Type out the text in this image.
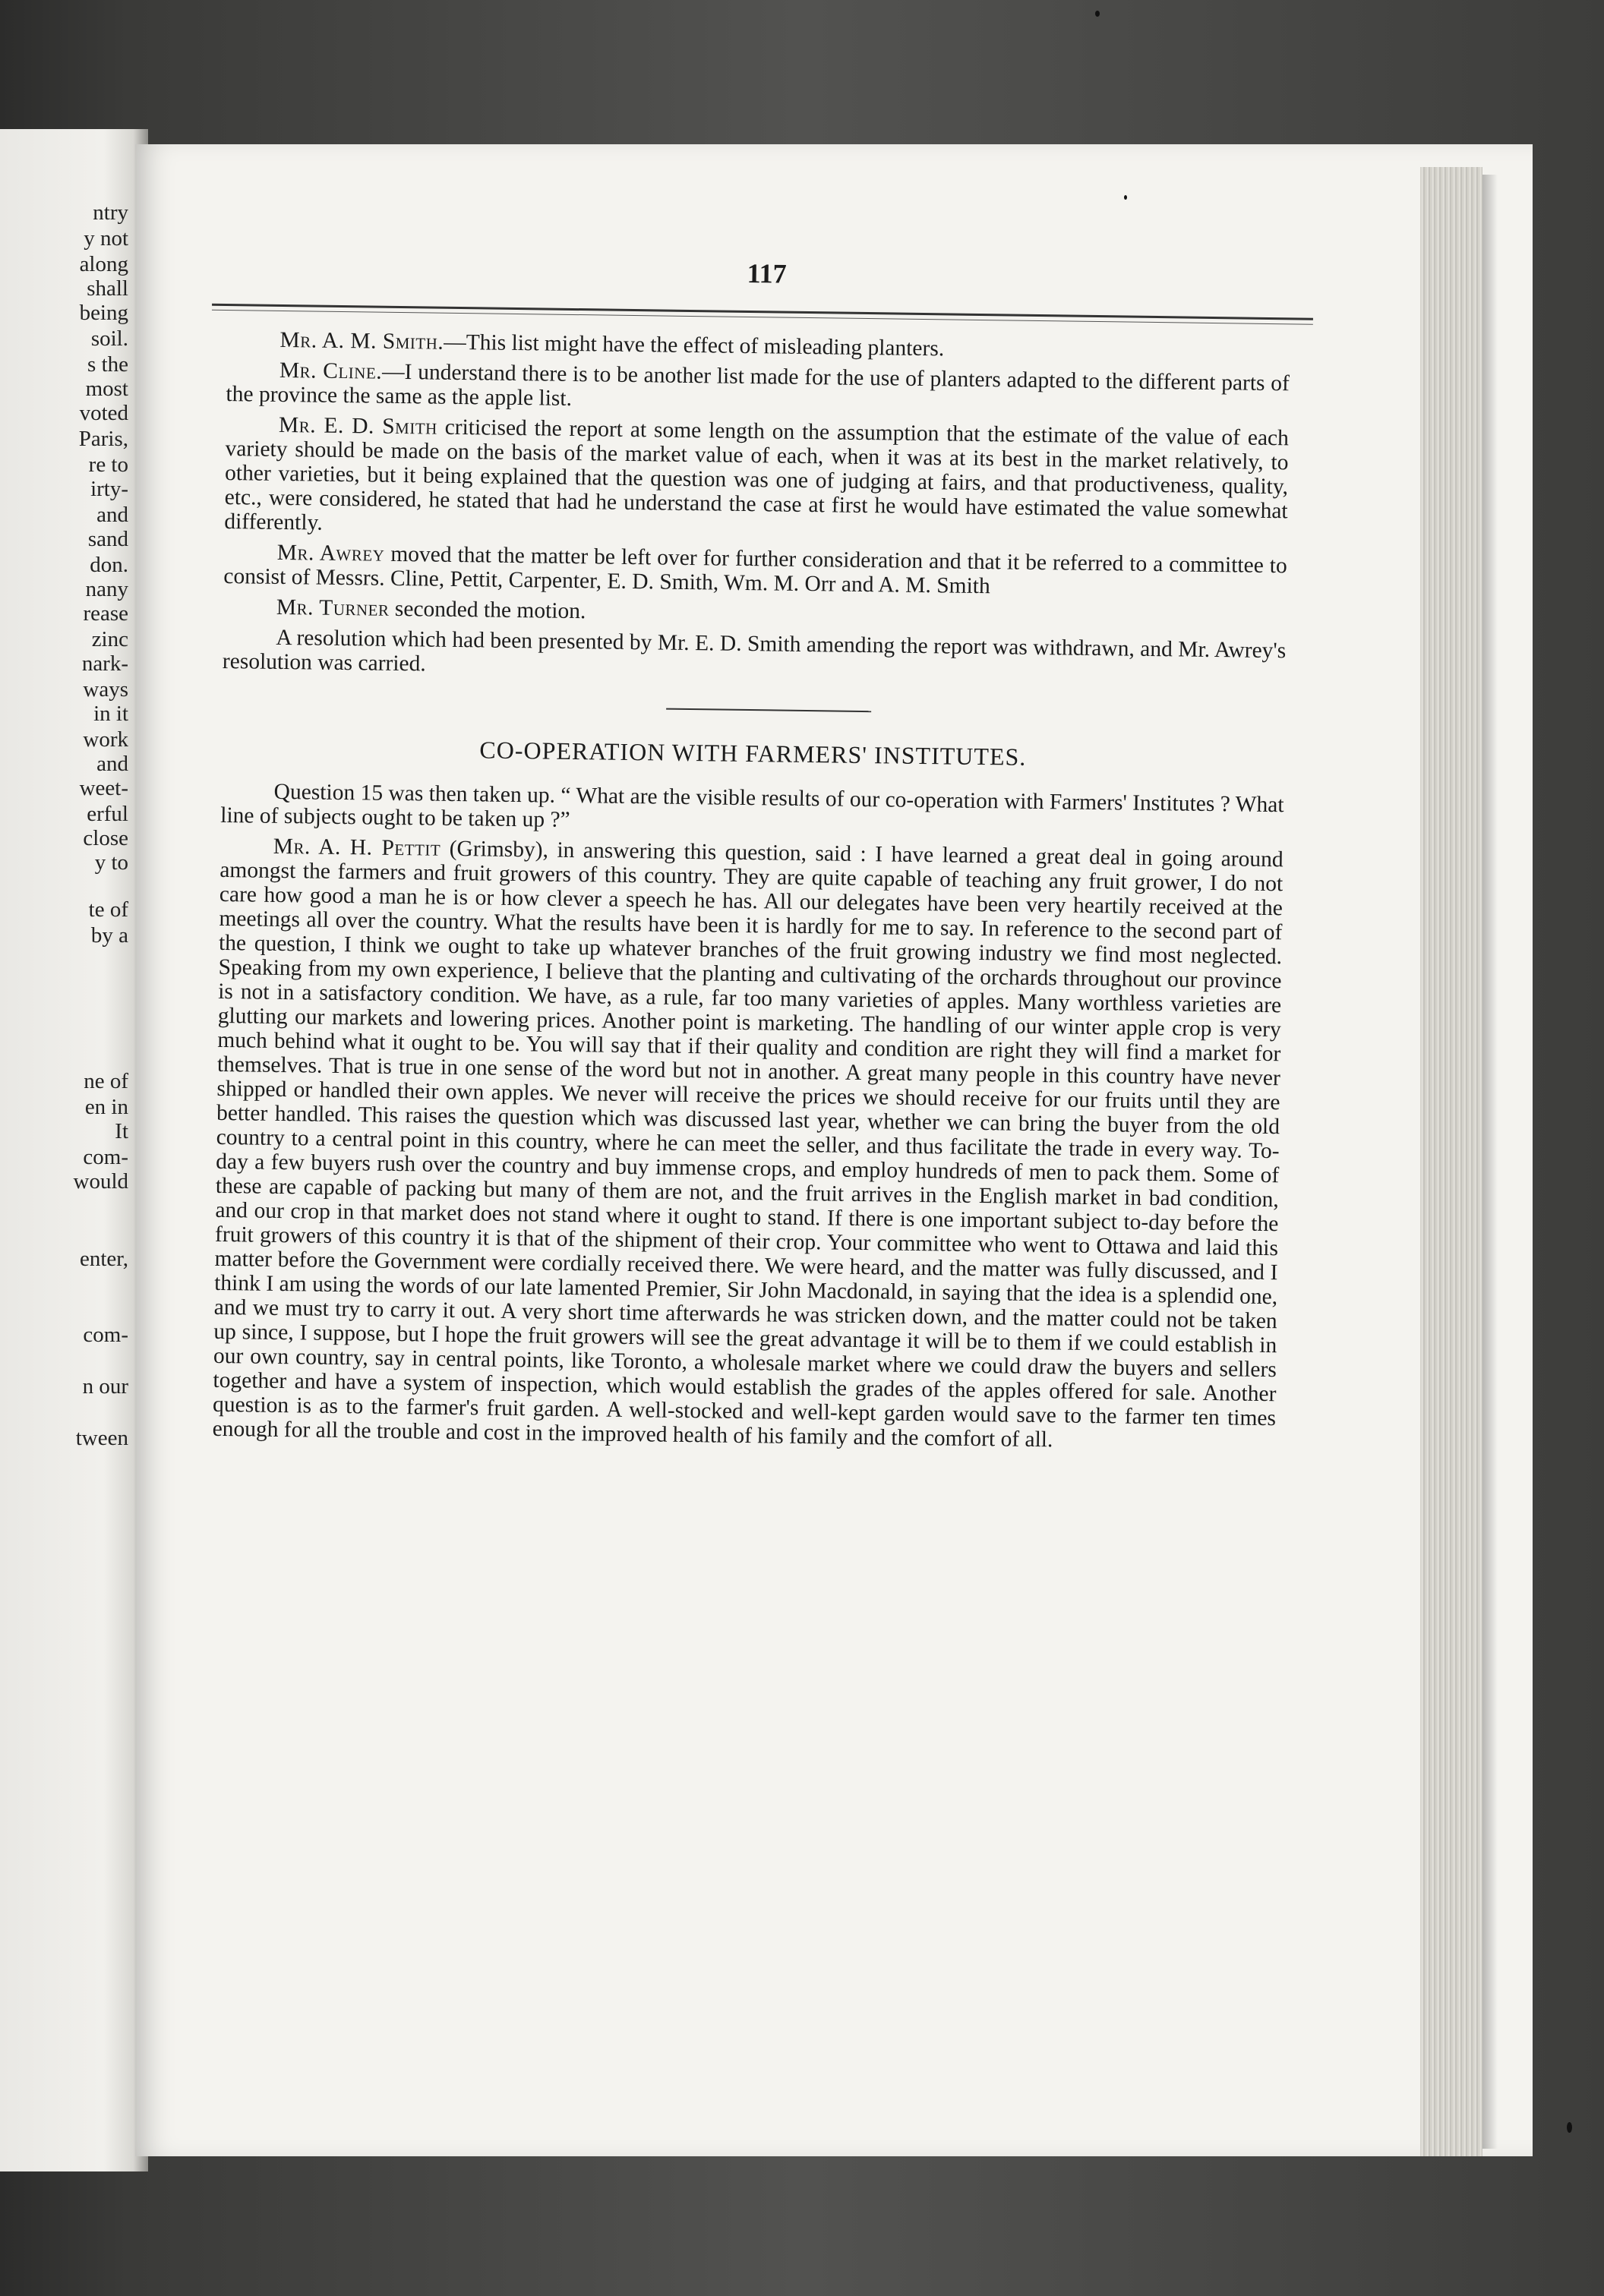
ntry
y not
along
shall
being
soil.
s the
most
voted
Paris,
re to
irty-
and
sand
don.
nany
rease
zinc
nark-
ways
in it
work
and
weet-
erful
close
y to
te of
by a
ne of
en in
It
com-
would
enter,
com-
n our
tween
117

Mr. A. M. Smith.—This list might have the effect of misleading planters.

Mr. Cline.—I understand there is to be another list made for the use of planters adapted to the different parts of the province the same as the apple list.

Mr. E. D. Smith criticised the report at some length on the assumption that the estimate of the value of each variety should be made on the basis of the market value of each, when it was at its best in the market relatively, to other varieties, but it being explained that the question was one of judging at fairs, and that productiveness, quality, etc., were considered, he stated that had he understand the case at first he would have estimated the value somewhat differently.

Mr. Awrey moved that the matter be left over for further consideration and that it be referred to a committee to consist of Messrs. Cline, Pettit, Carpenter, E. D. Smith, Wm. M. Orr and A. M. Smith

Mr. Turner seconded the motion.

A resolution which had been presented by Mr. E. D. Smith amending the report was withdrawn, and Mr. Awrey's resolution was carried.

CO-OPERATION WITH FARMERS' INSTITUTES.

Question 15 was then taken up. “ What are the visible results of our co-operation with Farmers' Institutes ? What line of subjects ought to be taken up ?”

Mr. A. H. Pettit (Grimsby), in answering this question, said : I have learned a great deal in going around amongst the farmers and fruit growers of this country. They are quite capable of teaching any fruit grower, I do not care how good a man he is or how clever a speech he has. All our delegates have been very heartily received at the meetings all over the country. What the results have been it is hardly for me to say. In reference to the second part of the question, I think we ought to take up whatever branches of the fruit growing industry we find most neglected. Speaking from my own experience, I believe that the planting and cultivating of the orchards throughout our province is not in a satisfactory condition. We have, as a rule, far too many varieties of apples. Many worthless varieties are glutting our markets and lowering prices. Another point is marketing. The handling of our winter apple crop is very much behind what it ought to be. You will say that if their quality and condition are right they will find a market for themselves. That is true in one sense of the word but not in another. A great many people in this country have never shipped or handled their own apples. We never will receive the prices we should receive for our fruits until they are better handled. This raises the question which was discussed last year, whether we can bring the buyer from the old country to a central point in this country, where he can meet the seller, and thus facilitate the trade in every way. To-day a few buyers rush over the country and buy immense crops, and employ hundreds of men to pack them. Some of these are capable of packing but many of them are not, and the fruit arrives in the English market in bad condition, and our crop in that market does not stand where it ought to stand. If there is one important subject to-day before the fruit growers of this country it is that of the shipment of their crop. Your committee who went to Ottawa and laid this matter before the Government were cordially received there. We were heard, and the matter was fully discussed, and I think I am using the words of our late lamented Premier, Sir John Macdonald, in saying that the idea is a splendid one, and we must try to carry it out. A very short time afterwards he was stricken down, and the matter could not be taken up since, I suppose, but I hope the fruit growers will see the great advantage it will be to them if we could establish in our own country, say in central points, like Toronto, a wholesale market where we could draw the buyers and sellers together and have a system of inspection, which would establish the grades of the apples offered for sale. Another question is as to the farmer's fruit garden. A well-stocked and well-kept garden would save to the farmer ten times enough for all the trouble and cost in the improved health of his family and the comfort of all.
